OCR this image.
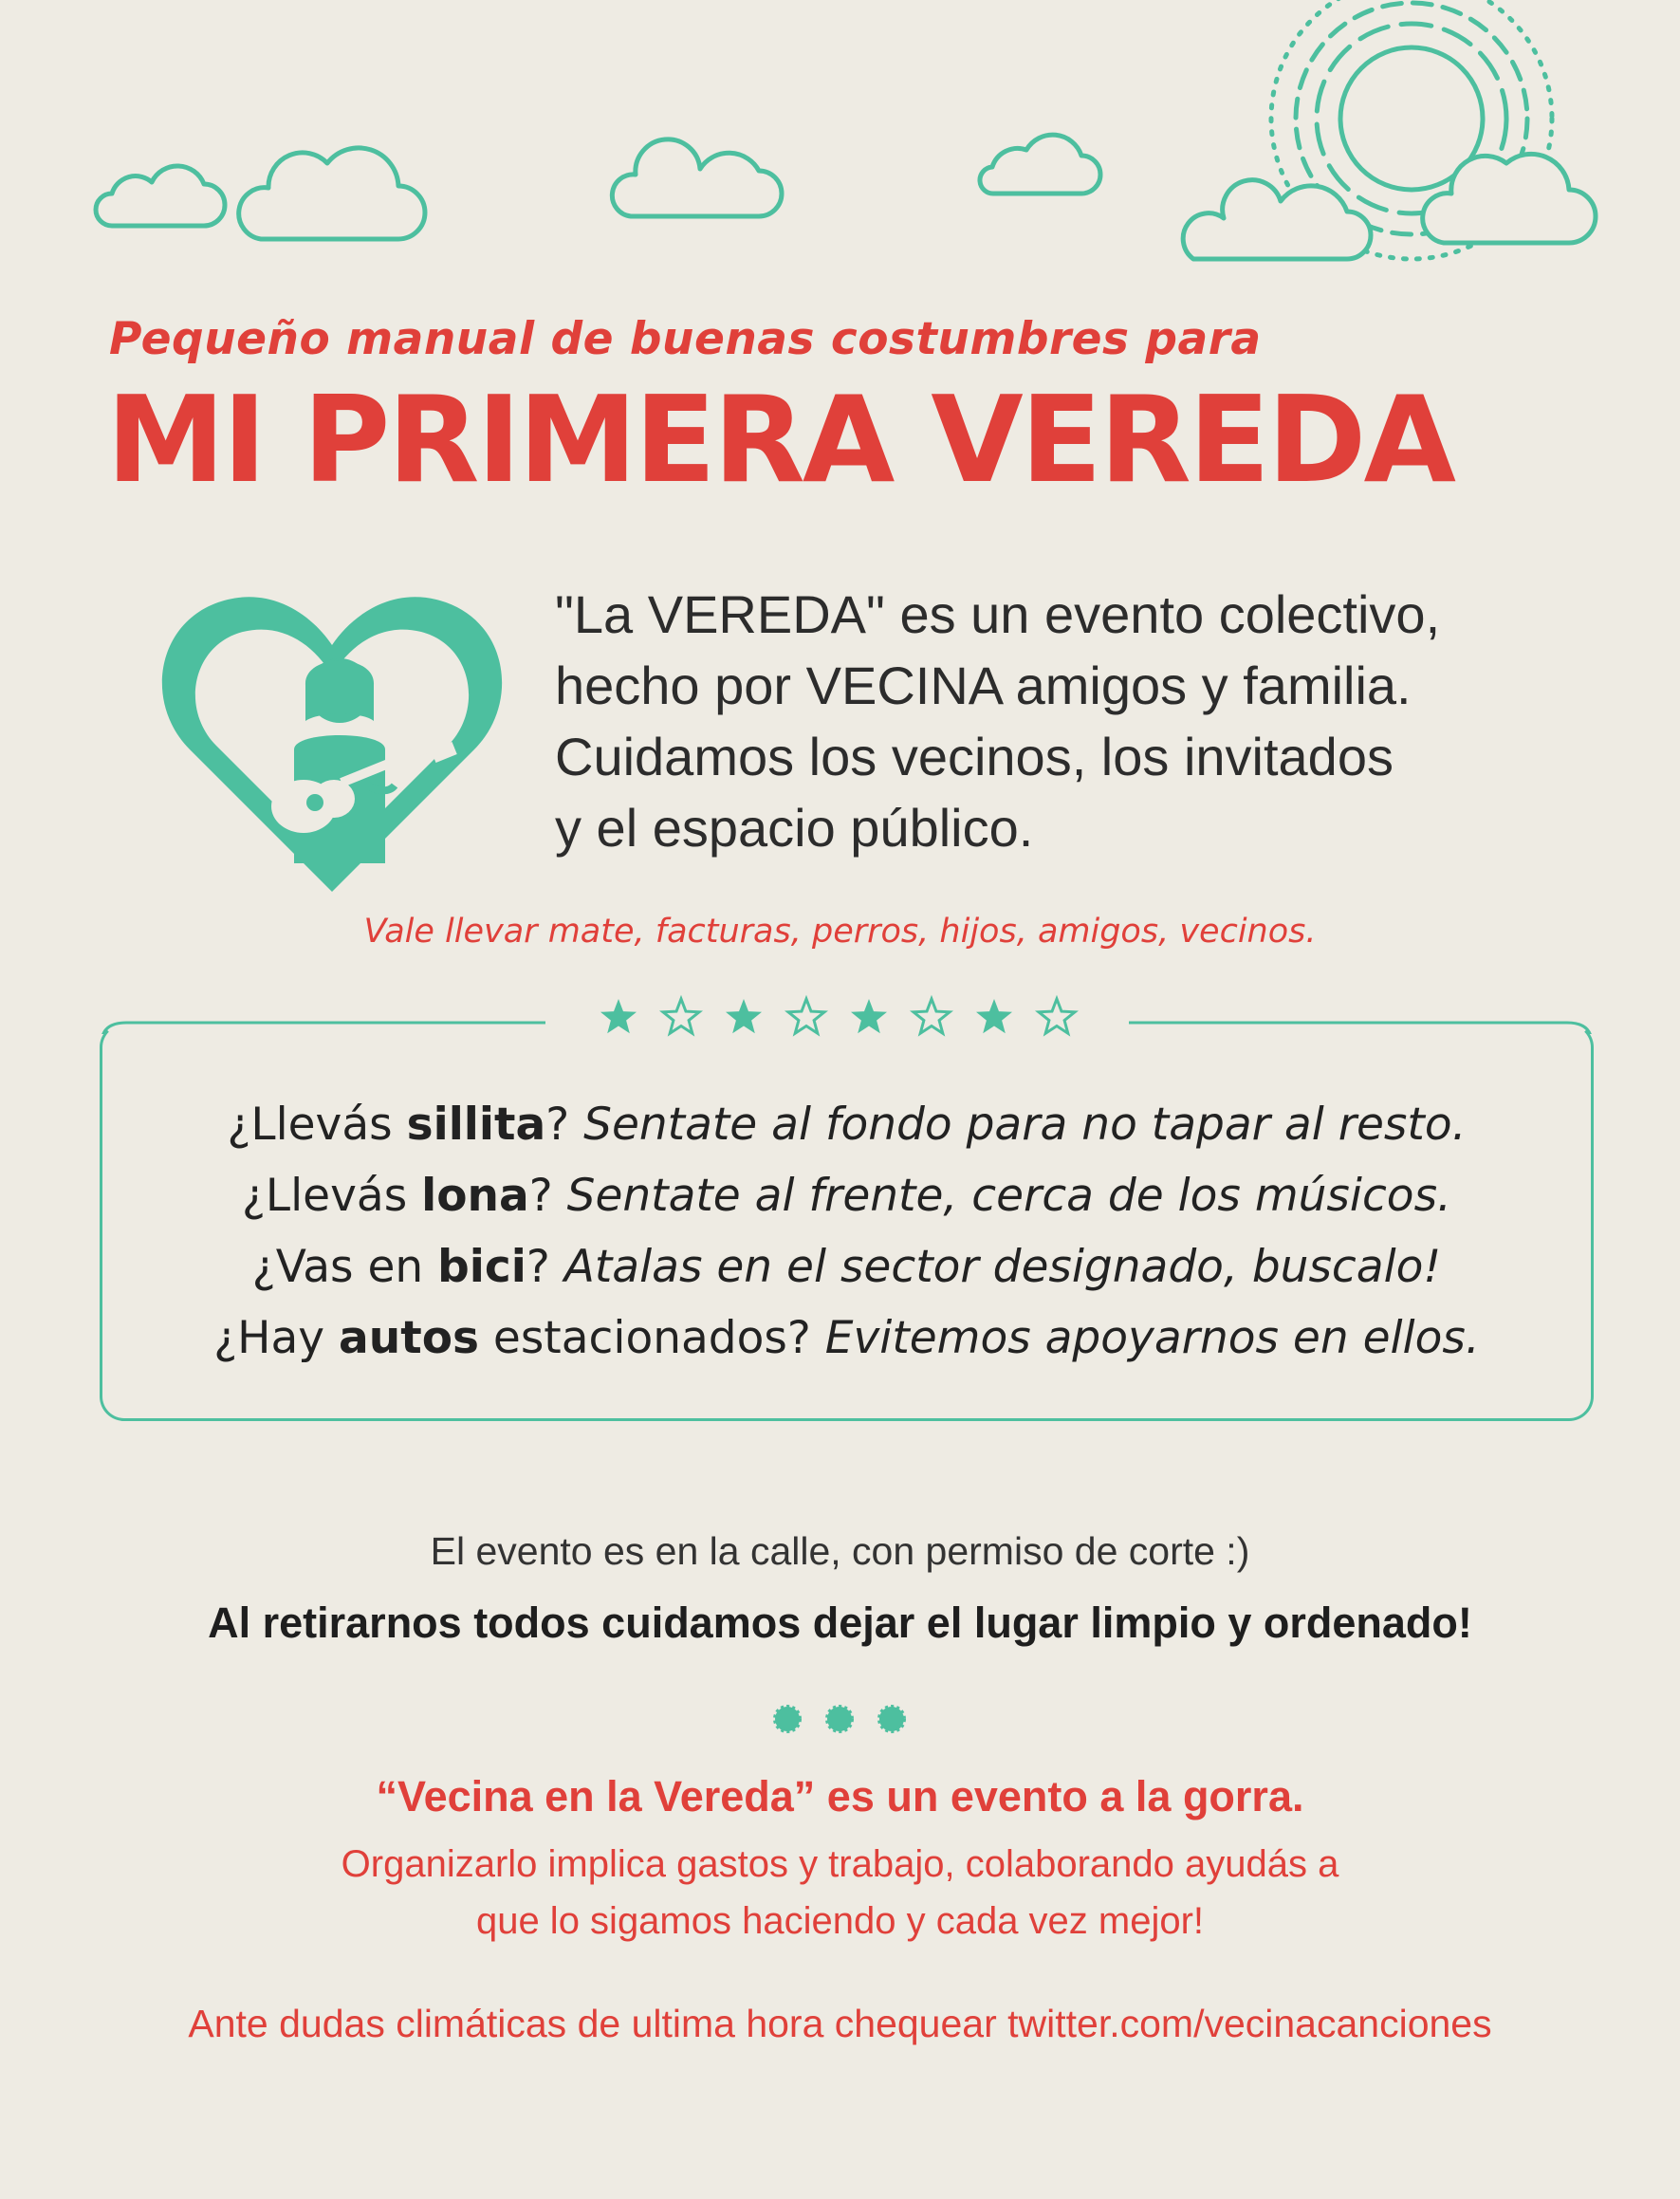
Pequeño manual de buenas costumbres para
MI PRIMERA VEREDA
"La VEREDA" es un evento colectivo,
hecho por VECINA amigos y familia.
Cuidamos los vecinos, los invitados
y el espacio público.
Vale llevar mate, facturas, perros, hijos, amigos, vecinos.
¿Llevás sillita? Sentate al fondo para no tapar al resto.
¿Llevás lona? Sentate al frente, cerca de los músicos.
¿Vas en bici? Atalas en el sector designado, buscalo!
¿Hay autos estacionados? Evitemos apoyarnos en ellos.
El evento es en la calle, con permiso de corte :)
Al retirarnos todos cuidamos dejar el lugar limpio y ordenado!
“Vecina en la Vereda” es un evento a la gorra.
Organizarlo implica gastos y trabajo, colaborando ayudás a
que lo sigamos haciendo y cada vez mejor!
Ante dudas climáticas de ultima hora chequear twitter.com/vecinacanciones
